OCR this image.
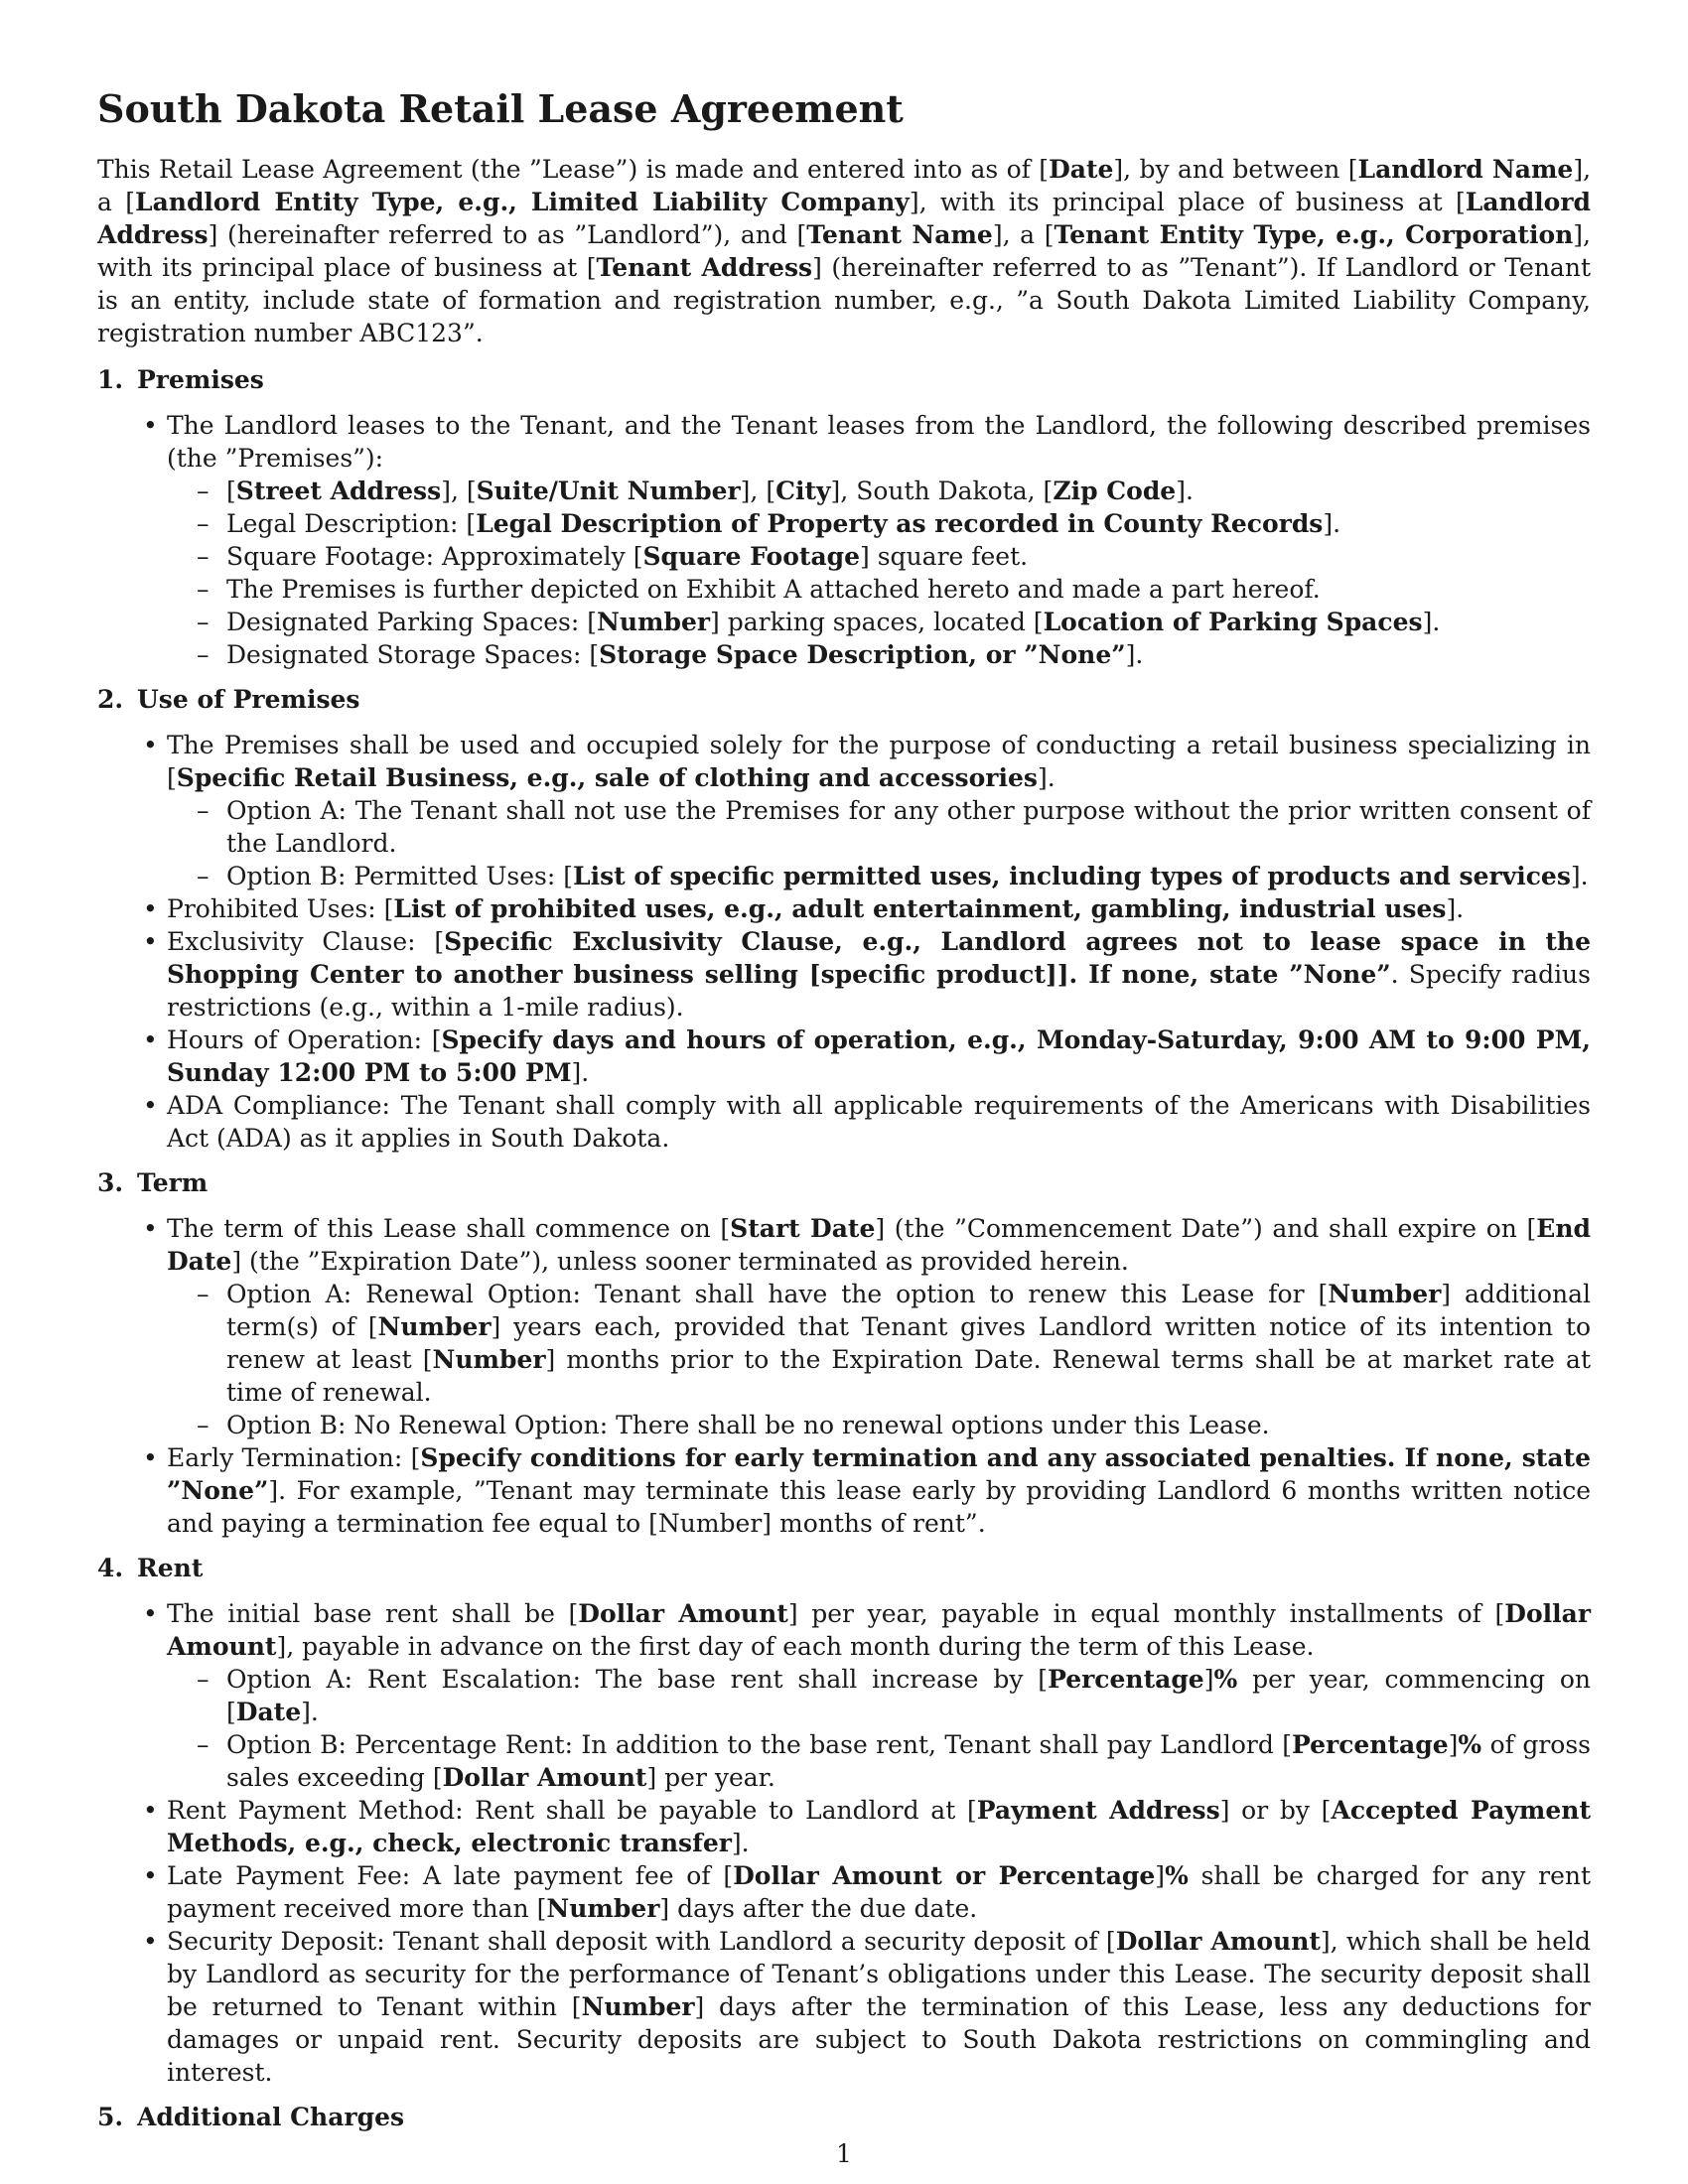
South Dakota Retail Lease Agreement

This Retail Lease Agreement (the ”Lease”) is made and entered into as of [Date], by and between [Landlord Name], a [Landlord Entity Type, e.g., Limited Liability Company], with its principal place of business at [Landlord Address] (hereinafter referred to as ”Landlord”), and [Tenant Name], a [Tenant Entity Type, e.g., Corporation], with its principal place of business at [Tenant Address] (hereinafter referred to as ”Tenant”). If Landlord or Tenant is an entity, include state of formation and registration number, e.g., ”a South Dakota Limited Liability Company, registration number ABC123”.

1. Premises
• The Landlord leases to the Tenant, and the Tenant leases from the Landlord, the following described premises (the ”Premises”):
– [Street Address], [Suite/Unit Number], [City], South Dakota, [Zip Code].
– Legal Description: [Legal Description of Property as recorded in County Records].
– Square Footage: Approximately [Square Footage] square feet.
– The Premises is further depicted on Exhibit A attached hereto and made a part hereof.
– Designated Parking Spaces: [Number] parking spaces, located [Location of Parking Spaces].
– Designated Storage Spaces: [Storage Space Description, or ”None”].
2. Use of Premises
• The Premises shall be used and occupied solely for the purpose of conducting a retail business specializing in [Specific Retail Business, e.g., sale of clothing and accessories].
– Option A: The Tenant shall not use the Premises for any other purpose without the prior written consent of the Landlord.
– Option B: Permitted Uses: [List of specific permitted uses, including types of products and services].
• Prohibited Uses: [List of prohibited uses, e.g., adult entertainment, gambling, industrial uses].
• Exclusivity Clause: [Specific Exclusivity Clause, e.g., Landlord agrees not to lease space in the Shopping Center to another business selling [specific product]]. If none, state ”None”. Specify radius restrictions (e.g., within a 1-mile radius).
• Hours of Operation: [Specify days and hours of operation, e.g., Monday-Saturday, 9:00 AM to 9:00 PM, Sunday 12:00 PM to 5:00 PM].
• ADA Compliance: The Tenant shall comply with all applicable requirements of the Americans with Disabilities Act (ADA) as it applies in South Dakota.
3. Term
• The term of this Lease shall commence on [Start Date] (the ”Commencement Date”) and shall expire on [End Date] (the ”Expiration Date”), unless sooner terminated as provided herein.
– Option A: Renewal Option: Tenant shall have the option to renew this Lease for [Number] additional term(s) of [Number] years each, provided that Tenant gives Landlord written notice of its intention to renew at least [Number] months prior to the Expiration Date. Renewal terms shall be at market rate at time of renewal.
– Option B: No Renewal Option: There shall be no renewal options under this Lease.
• Early Termination: [Specify conditions for early termination and any associated penalties. If none, state ”None”]. For example, ”Tenant may terminate this lease early by providing Landlord 6 months written notice and paying a termination fee equal to [Number] months of rent”.
4. Rent
• The initial base rent shall be [Dollar Amount] per year, payable in equal monthly installments of [Dollar Amount], payable in advance on the first day of each month during the term of this Lease.
– Option A: Rent Escalation: The base rent shall increase by [Percentage]% per year, commencing on [Date].
– Option B: Percentage Rent: In addition to the base rent, Tenant shall pay Landlord [Percentage]% of gross sales exceeding [Dollar Amount] per year.
• Rent Payment Method: Rent shall be payable to Landlord at [Payment Address] or by [Accepted Payment Methods, e.g., check, electronic transfer].
• Late Payment Fee: A late payment fee of [Dollar Amount or Percentage]% shall be charged for any rent payment received more than [Number] days after the due date.
• Security Deposit: Tenant shall deposit with Landlord a security deposit of [Dollar Amount], which shall be held by Landlord as security for the performance of Tenant’s obligations under this Lease. The security deposit shall be returned to Tenant within [Number] days after the termination of this Lease, less any deductions for damages or unpaid rent. Security deposits are subject to South Dakota restrictions on commingling and interest.
5. Additional Charges
1
